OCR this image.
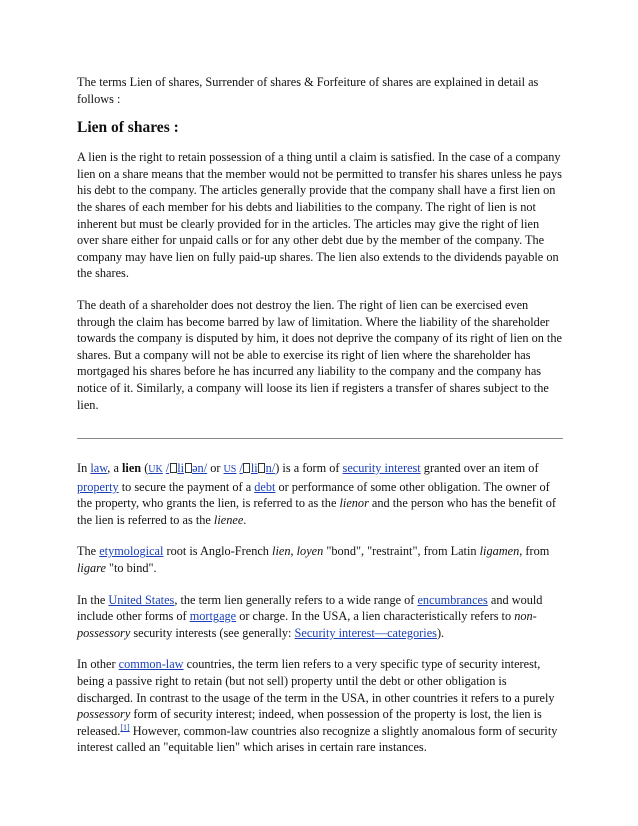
The terms Lien of shares, Surrender of shares & Forfeiture of shares are explained in detail as follows :

Lien of shares :

A lien is the right to retain possession of a thing until a claim is satisfied. In the case of a company lien on a share means that the member would not be permitted to transfer his shares unless he pays his debt to the company. The articles generally provide that the company shall have a first lien on the shares of each member for his debts and liabilities to the company. The right of lien is not inherent but must be clearly provided for in the articles. The articles may give the right of lien over share either for unpaid calls or for any other debt due by the member of the company. The company may have lien on fully paid-up shares. The lien also extends to the dividends payable on the shares.

The death of a shareholder does not destroy the lien. The right of lien can be exercised even through the claim has become barred by law of limitation. Where the liability of the shareholder towards the company is disputed by him, it does not deprive the company of its right of lien on the shares. But a company will not be able to exercise its right of lien where the shareholder has mortgaged his shares before he has incurred any liability to the company and the company has notice of it. Similarly, a company will loose its lien if registers a transfer of shares subject to the lien.

In law, a lien (UK / li ən/ or US / li n/) is a form of security interest granted over an item of property to secure the payment of a debt or performance of some other obligation. The owner of the property, who grants the lien, is referred to as the lienor and the person who has the benefit of the lien is referred to as the lienee.

The etymological root is Anglo-French lien, loyen "bond", "restraint", from Latin ligamen, from ligare "to bind".

In the United States, the term lien generally refers to a wide range of encumbrances and would include other forms of mortgage or charge. In the USA, a lien characteristically refers to non-possessory security interests (see generally: Security interest—categories).

In other common-law countries, the term lien refers to a very specific type of security interest, being a passive right to retain (but not sell) property until the debt or other obligation is discharged. In contrast to the usage of the term in the USA, in other countries it refers to a purely possessory form of security interest; indeed, when possession of the property is lost, the lien is released.[1] However, common-law countries also recognize a slightly anomalous form of security interest called an "equitable lien" which arises in certain rare instances.
